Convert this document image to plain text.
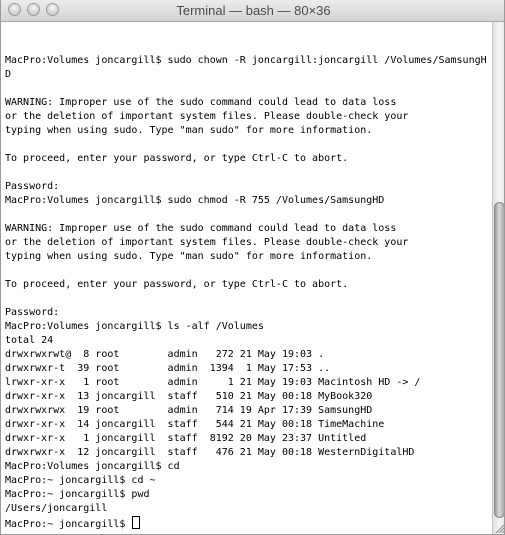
Terminal — bash — 80×36
MacPro:Volumes joncargill$ sudo chown -R joncargill:joncargill /Volumes/SamsungH
D
WARNING: Improper use of the sudo command could lead to data loss
or the deletion of important system files. Please double-check your
typing when using sudo. Type "man sudo" for more information.
To proceed, enter your password, or type Ctrl-C to abort.
Password:
MacPro:Volumes joncargill$ sudo chmod -R 755 /Volumes/SamsungHD
WARNING: Improper use of the sudo command could lead to data loss
or the deletion of important system files. Please double-check your
typing when using sudo. Type "man sudo" for more information.
To proceed, enter your password, or type Ctrl-C to abort.
Password:
MacPro:Volumes joncargill$ ls -alf /Volumes
total 24
drwxrwxrwt@  8 root        admin   272 21 May 19:03 .
drwxrwxr-t  39 root        admin  1394  1 May 17:53 ..
lrwxr-xr-x   1 root        admin     1 21 May 19:03 Macintosh HD -> /
drwxr-xr-x  13 joncargill  staff   510 21 May 00:18 MyBook320
drwxrwxrwx  19 root        admin   714 19 Apr 17:39 SamsungHD
drwxr-xr-x  14 joncargill  staff   544 21 May 00:18 TimeMachine
drwxr-xr-x   1 joncargill  staff  8192 20 May 23:37 Untitled
drwxrwxr-x  12 joncargill  staff   476 21 May 00:18 WesternDigitalHD
MacPro:Volumes joncargill$ cd
MacPro:~ joncargill$ cd ~
MacPro:~ joncargill$ pwd
/Users/joncargill
MacPro:~ joncargill$
